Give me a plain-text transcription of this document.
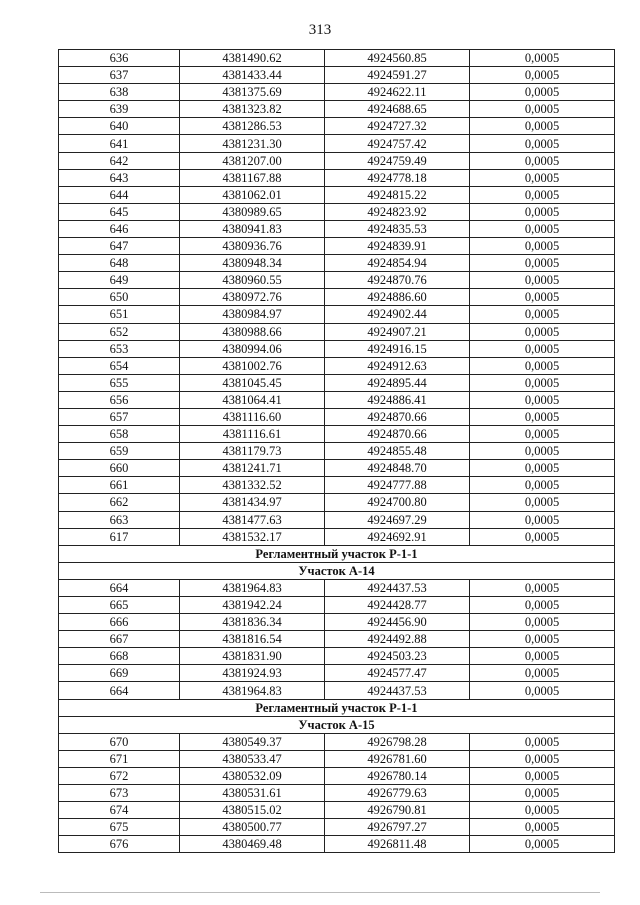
313
636	4381490.62	4924560.85	0,0005
637	4381433.44	4924591.27	0,0005
638	4381375.69	4924622.11	0,0005
639	4381323.82	4924688.65	0,0005
640	4381286.53	4924727.32	0,0005
641	4381231.30	4924757.42	0,0005
642	4381207.00	4924759.49	0,0005
643	4381167.88	4924778.18	0,0005
644	4381062.01	4924815.22	0,0005
645	4380989.65	4924823.92	0,0005
646	4380941.83	4924835.53	0,0005
647	4380936.76	4924839.91	0,0005
648	4380948.34	4924854.94	0,0005
649	4380960.55	4924870.76	0,0005
650	4380972.76	4924886.60	0,0005
651	4380984.97	4924902.44	0,0005
652	4380988.66	4924907.21	0,0005
653	4380994.06	4924916.15	0,0005
654	4381002.76	4924912.63	0,0005
655	4381045.45	4924895.44	0,0005
656	4381064.41	4924886.41	0,0005
657	4381116.60	4924870.66	0,0005
658	4381116.61	4924870.66	0,0005
659	4381179.73	4924855.48	0,0005
660	4381241.71	4924848.70	0,0005
661	4381332.52	4924777.88	0,0005
662	4381434.97	4924700.80	0,0005
663	4381477.63	4924697.29	0,0005
617	4381532.17	4924692.91	0,0005
Регламентный участок Р-1-1			
Участок А-14			
664	4381964.83	4924437.53	0,0005
665	4381942.24	4924428.77	0,0005
666	4381836.34	4924456.90	0,0005
667	4381816.54	4924492.88	0,0005
668	4381831.90	4924503.23	0,0005
669	4381924.93	4924577.47	0,0005
664	4381964.83	4924437.53	0,0005
Регламентный участок Р-1-1			
Участок А-15			
670	4380549.37	4926798.28	0,0005
671	4380533.47	4926781.60	0,0005
672	4380532.09	4926780.14	0,0005
673	4380531.61	4926779.63	0,0005
674	4380515.02	4926790.81	0,0005
675	4380500.77	4926797.27	0,0005
676	4380469.48	4926811.48	0,0005
